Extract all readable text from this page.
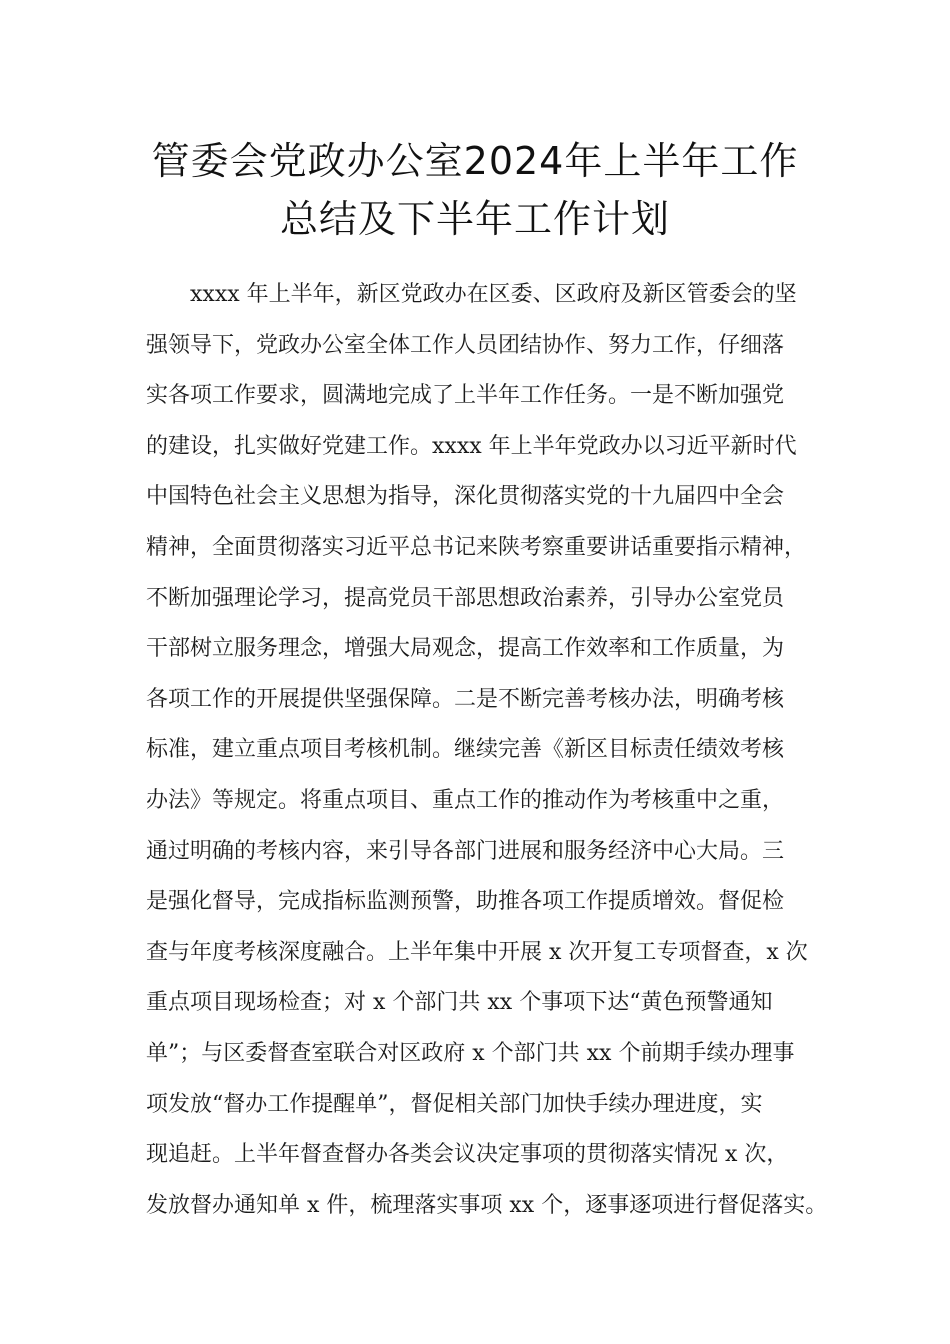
管委会党政办公室2024年上半年工作
总结及下半年工作计划
xxxx 年上半年，新区党政办在区委、区政府及新区管委会的坚
强领导下，党政办公室全体工作人员团结协作、努力工作，仔细落
实各项工作要求，圆满地完成了上半年工作任务。一是不断加强党
的建设，扎实做好党建工作。xxxx 年上半年党政办以习近平新时代
中国特色社会主义思想为指导，深化贯彻落实党的十九届四中全会
精神，全面贯彻落实习近平总书记来陕考察重要讲话重要指示精神，
不断加强理论学习，提高党员干部思想政治素养，引导办公室党员
干部树立服务理念，增强大局观念，提高工作效率和工作质量，为
各项工作的开展提供坚强保障。二是不断完善考核办法，明确考核
标准，建立重点项目考核机制。继续完善《新区目标责任绩效考核
办法》等规定。将重点项目、重点工作的推动作为考核重中之重，
通过明确的考核内容，来引导各部门进展和服务经济中心大局。三
是强化督导，完成指标监测预警，助推各项工作提质增效。督促检
查与年度考核深度融合。上半年集中开展 x 次开复工专项督查，x 次
重点项目现场检查；对 x 个部门共 xx 个事项下达“黄色预警通知
单”；与区委督查室联合对区政府 x 个部门共 xx 个前期手续办理事
项发放“督办工作提醒单”，督促相关部门加快手续办理进度，实
现追赶。上半年督查督办各类会议决定事项的贯彻落实情况 x 次，
发放督办通知单 x 件，梳理落实事项 xx 个，逐事逐项进行督促落实。
